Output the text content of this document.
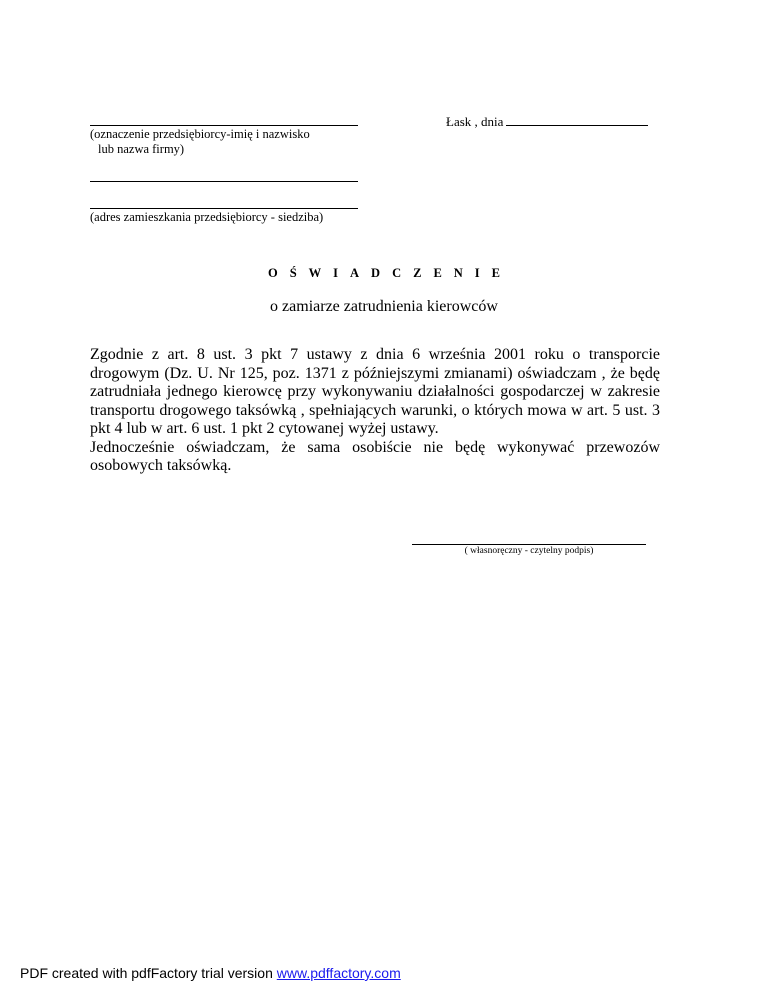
Łask , dnia
(oznaczenie przedsiębiorcy-imię i nazwisko
lub nazwa firmy)
(adres zamieszkania przedsiębiorcy - siedziba)
OŚWIADCZENIE
o zamiarze zatrudnienia kierowców

Zgodnie z art. 8 ust. 3 pkt 7 ustawy z dnia 6 września 2001 roku o transporcie drogowym (Dz. U. Nr 125, poz. 1371 z późniejszymi zmianami) oświadczam , że będę zatrudniała jednego kierowcę przy wykonywaniu działalności gospodarczej w zakresie transportu drogowego taksówką , spełniających warunki, o których mowa w art. 5 ust. 3 pkt 4 lub w art. 6 ust. 1 pkt 2 cytowanej wyżej ustawy.

Jednocześnie oświadczam, że sama osobiście nie będę wykonywać przewozów osobowych taksówką.

( własnoręczny - czytelny podpis)
PDF created with pdfFactory trial version www.pdffactory.com
